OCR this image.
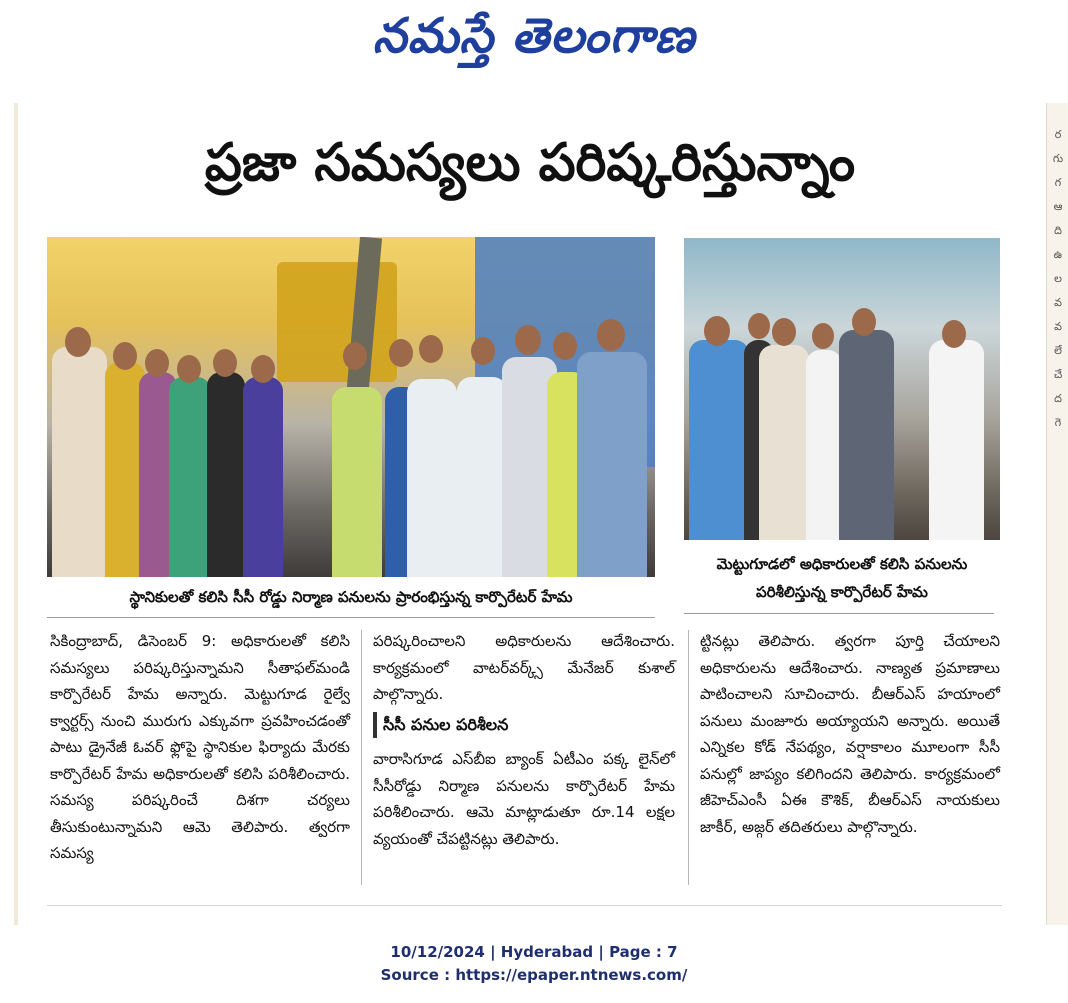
నమస్తే తెలంగాణ
ర
గు
గ
ఆ
ది
ఉ
ల
వ
వ
లే
చే
ద
గె
ప్రజా సమస్యలు పరిష్కరిస్తున్నాం
స్థానికులతో కలిసి సీసీ రోడ్డు నిర్మాణ పనులను ప్రారంభిస్తున్న కార్పొరేటర్ హేమ
మెట్టుగూడలో అధికారులతో కలిసి పనులను పరిశీలిస్తున్న కార్పొరేటర్ హేమ
సికింద్రాబాద్, డిసెంబర్ 9: అధికారులతో కలిసి సమస్యలు పరిష్కరిస్తున్నామని సీతాఫల్‌మండి కార్పొరేటర్ హేమ అన్నారు. మెట్టుగూడ రైల్వే క్వార్టర్స్ నుంచి మురుగు ఎక్కువగా ప్రవహించడంతో పాటు డ్రైనేజీ ఓవర్ ఫ్లోపై స్థానికుల ఫిర్యాదు మేరకు కార్పొరేటర్ హేమ అధికారులతో కలిసి పరిశీలించారు. సమస్య పరిష్కరించే దిశగా చర్యలు తీసుకుంటున్నామని ఆమె తెలిపారు. త్వరగా సమస్య
పరిష్కరించాలని అధికారులను ఆదేశించారు. కార్యక్రమంలో వాటర్‌వర్క్స్ మేనేజర్ కుశాల్ పాల్గొన్నారు.
సీసీ పనుల పరిశీలన
వారాసిగూడ ఎస్‌బీఐ బ్యాంక్ ఏటీఎం పక్క లైన్‌లో సీసీరోడ్డు నిర్మాణ పనులను కార్పొరేటర్ హేమ పరిశీలించారు. ఆమె మాట్లాడుతూ రూ.14 లక్షల వ్యయంతో చేపట్టినట్లు తెలిపారు.
ట్టినట్లు తెలిపారు. త్వరగా పూర్తి చేయాలని అధికారులను ఆదేశించారు. నాణ్యత ప్రమాణాలు పాటించాలని సూచించారు. బీఆర్ఎస్ హయాంలో పనులు మంజూరు అయ్యాయని అన్నారు. అయితే ఎన్నికల కోడ్ నేపథ్యం, వర్షాకాలం మూలంగా సీసీ పనుల్లో జాప్యం కలిగిందని తెలిపారు. కార్యక్రమంలో జీహెచ్ఎంసీ ఏఈ కౌశిక్, బీఆర్ఎస్ నాయకులు జాకీర్, అజ్గర్ తదితరులు పాల్గొన్నారు.
10/12/2024 | Hyderabad | Page : 7
Source : https://epaper.ntnews.com/
